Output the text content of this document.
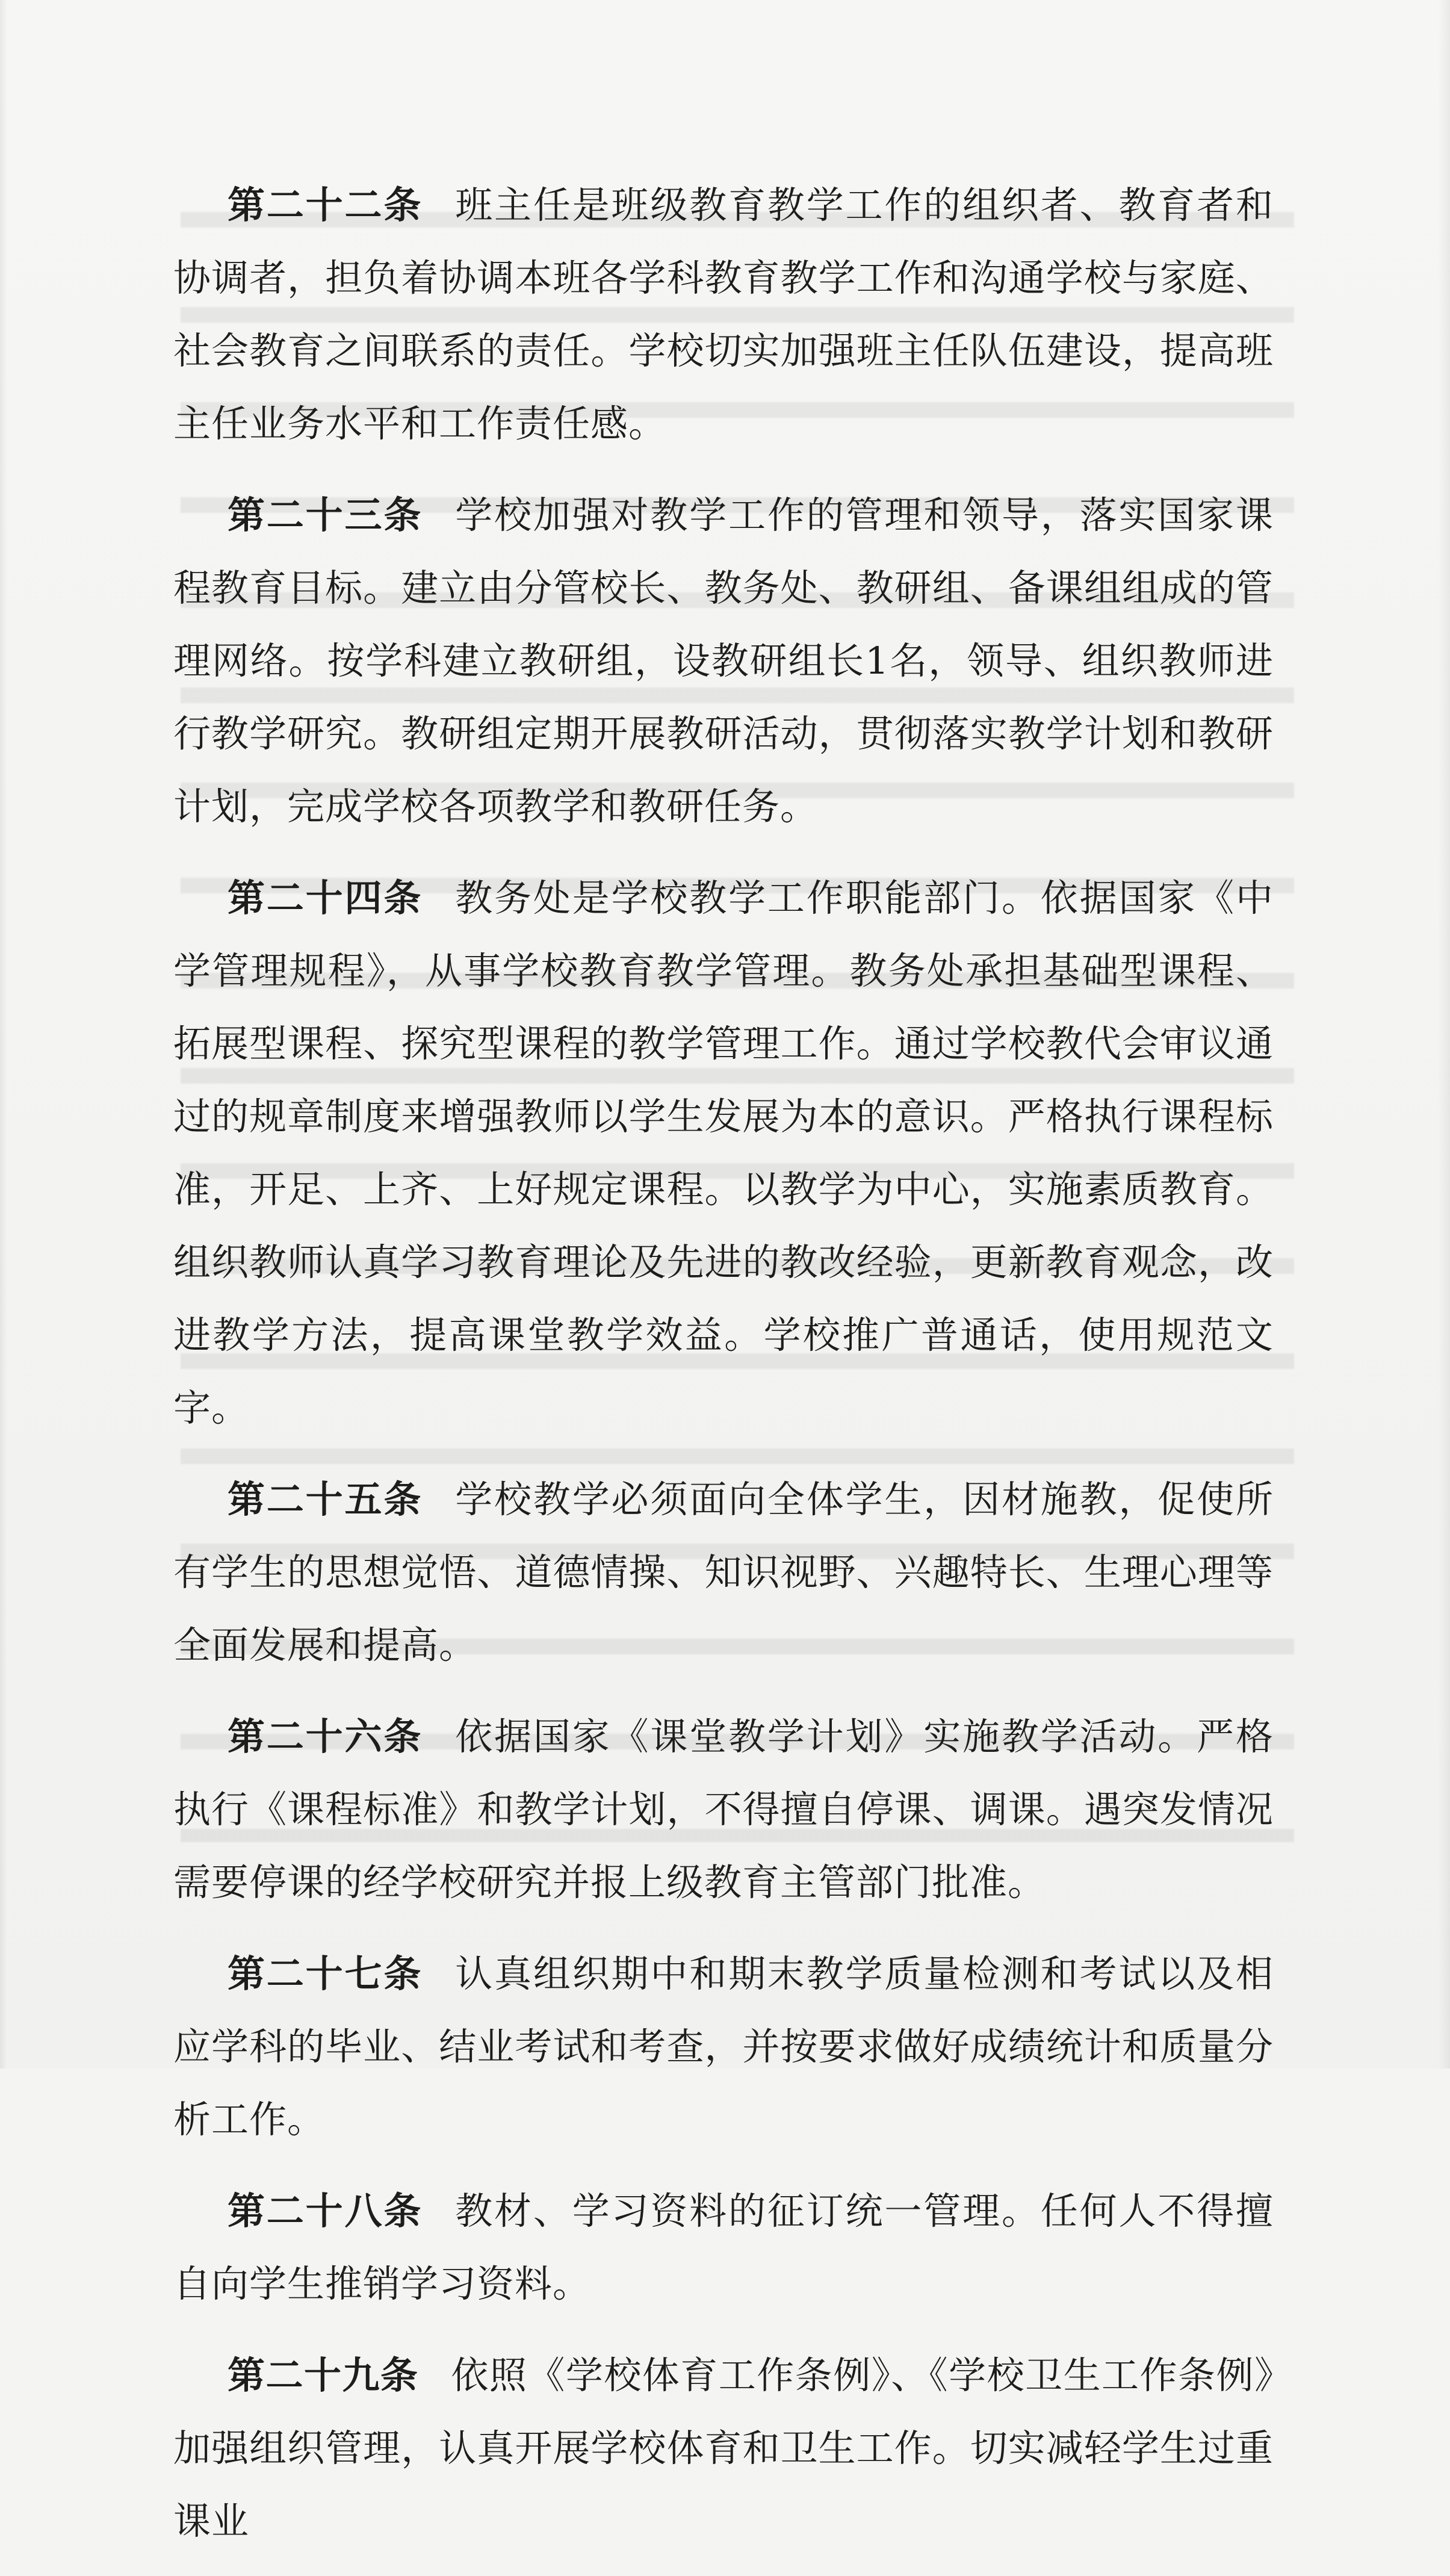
第二十二条 班主任是班级教育教学工作的组织者、教育者和协调者，担负着协调本班各学科教育教学工作和沟通学校与家庭、社会教育之间联系的责任。学校切实加强班主任队伍建设，提高班主任业务水平和工作责任感。

第二十三条 学校加强对教学工作的管理和领导，落实国家课程教育目标。建立由分管校长、教务处、教研组、备课组组成的管理网络。按学科建立教研组，设教研组长1名，领导、组织教师进行教学研究。教研组定期开展教研活动，贯彻落实教学计划和教研计划，完成学校各项教学和教研任务。

第二十四条 教务处是学校教学工作职能部门。依据国家《中学管理规程》，从事学校教育教学管理。教务处承担基础型课程、拓展型课程、探究型课程的教学管理工作。通过学校教代会审议通过的规章制度来增强教师以学生发展为本的意识。严格执行课程标准，开足、上齐、上好规定课程。以教学为中心，实施素质教育。组织教师认真学习教育理论及先进的教改经验，更新教育观念，改进教学方法，提高课堂教学效益。学校推广普通话，使用规范文字。

第二十五条 学校教学必须面向全体学生，因材施教，促使所有学生的思想觉悟、道德情操、知识视野、兴趣特长、生理心理等全面发展和提高。

第二十六条 依据国家《课堂教学计划》实施教学活动。严格执行《课程标准》和教学计划，不得擅自停课、调课。遇突发情况需要停课的经学校研究并报上级教育主管部门批准。

第二十七条 认真组织期中和期末教学质量检测和考试以及相应学科的毕业、结业考试和考查，并按要求做好成绩统计和质量分析工作。

第二十八条 教材、学习资料的征订统一管理。任何人不得擅自向学生推销学习资料。

第二十九条 依照《学校体育工作条例》、《学校卫生工作条例》加强组织管理，认真开展学校体育和卫生工作。切实减轻学生过重课业
